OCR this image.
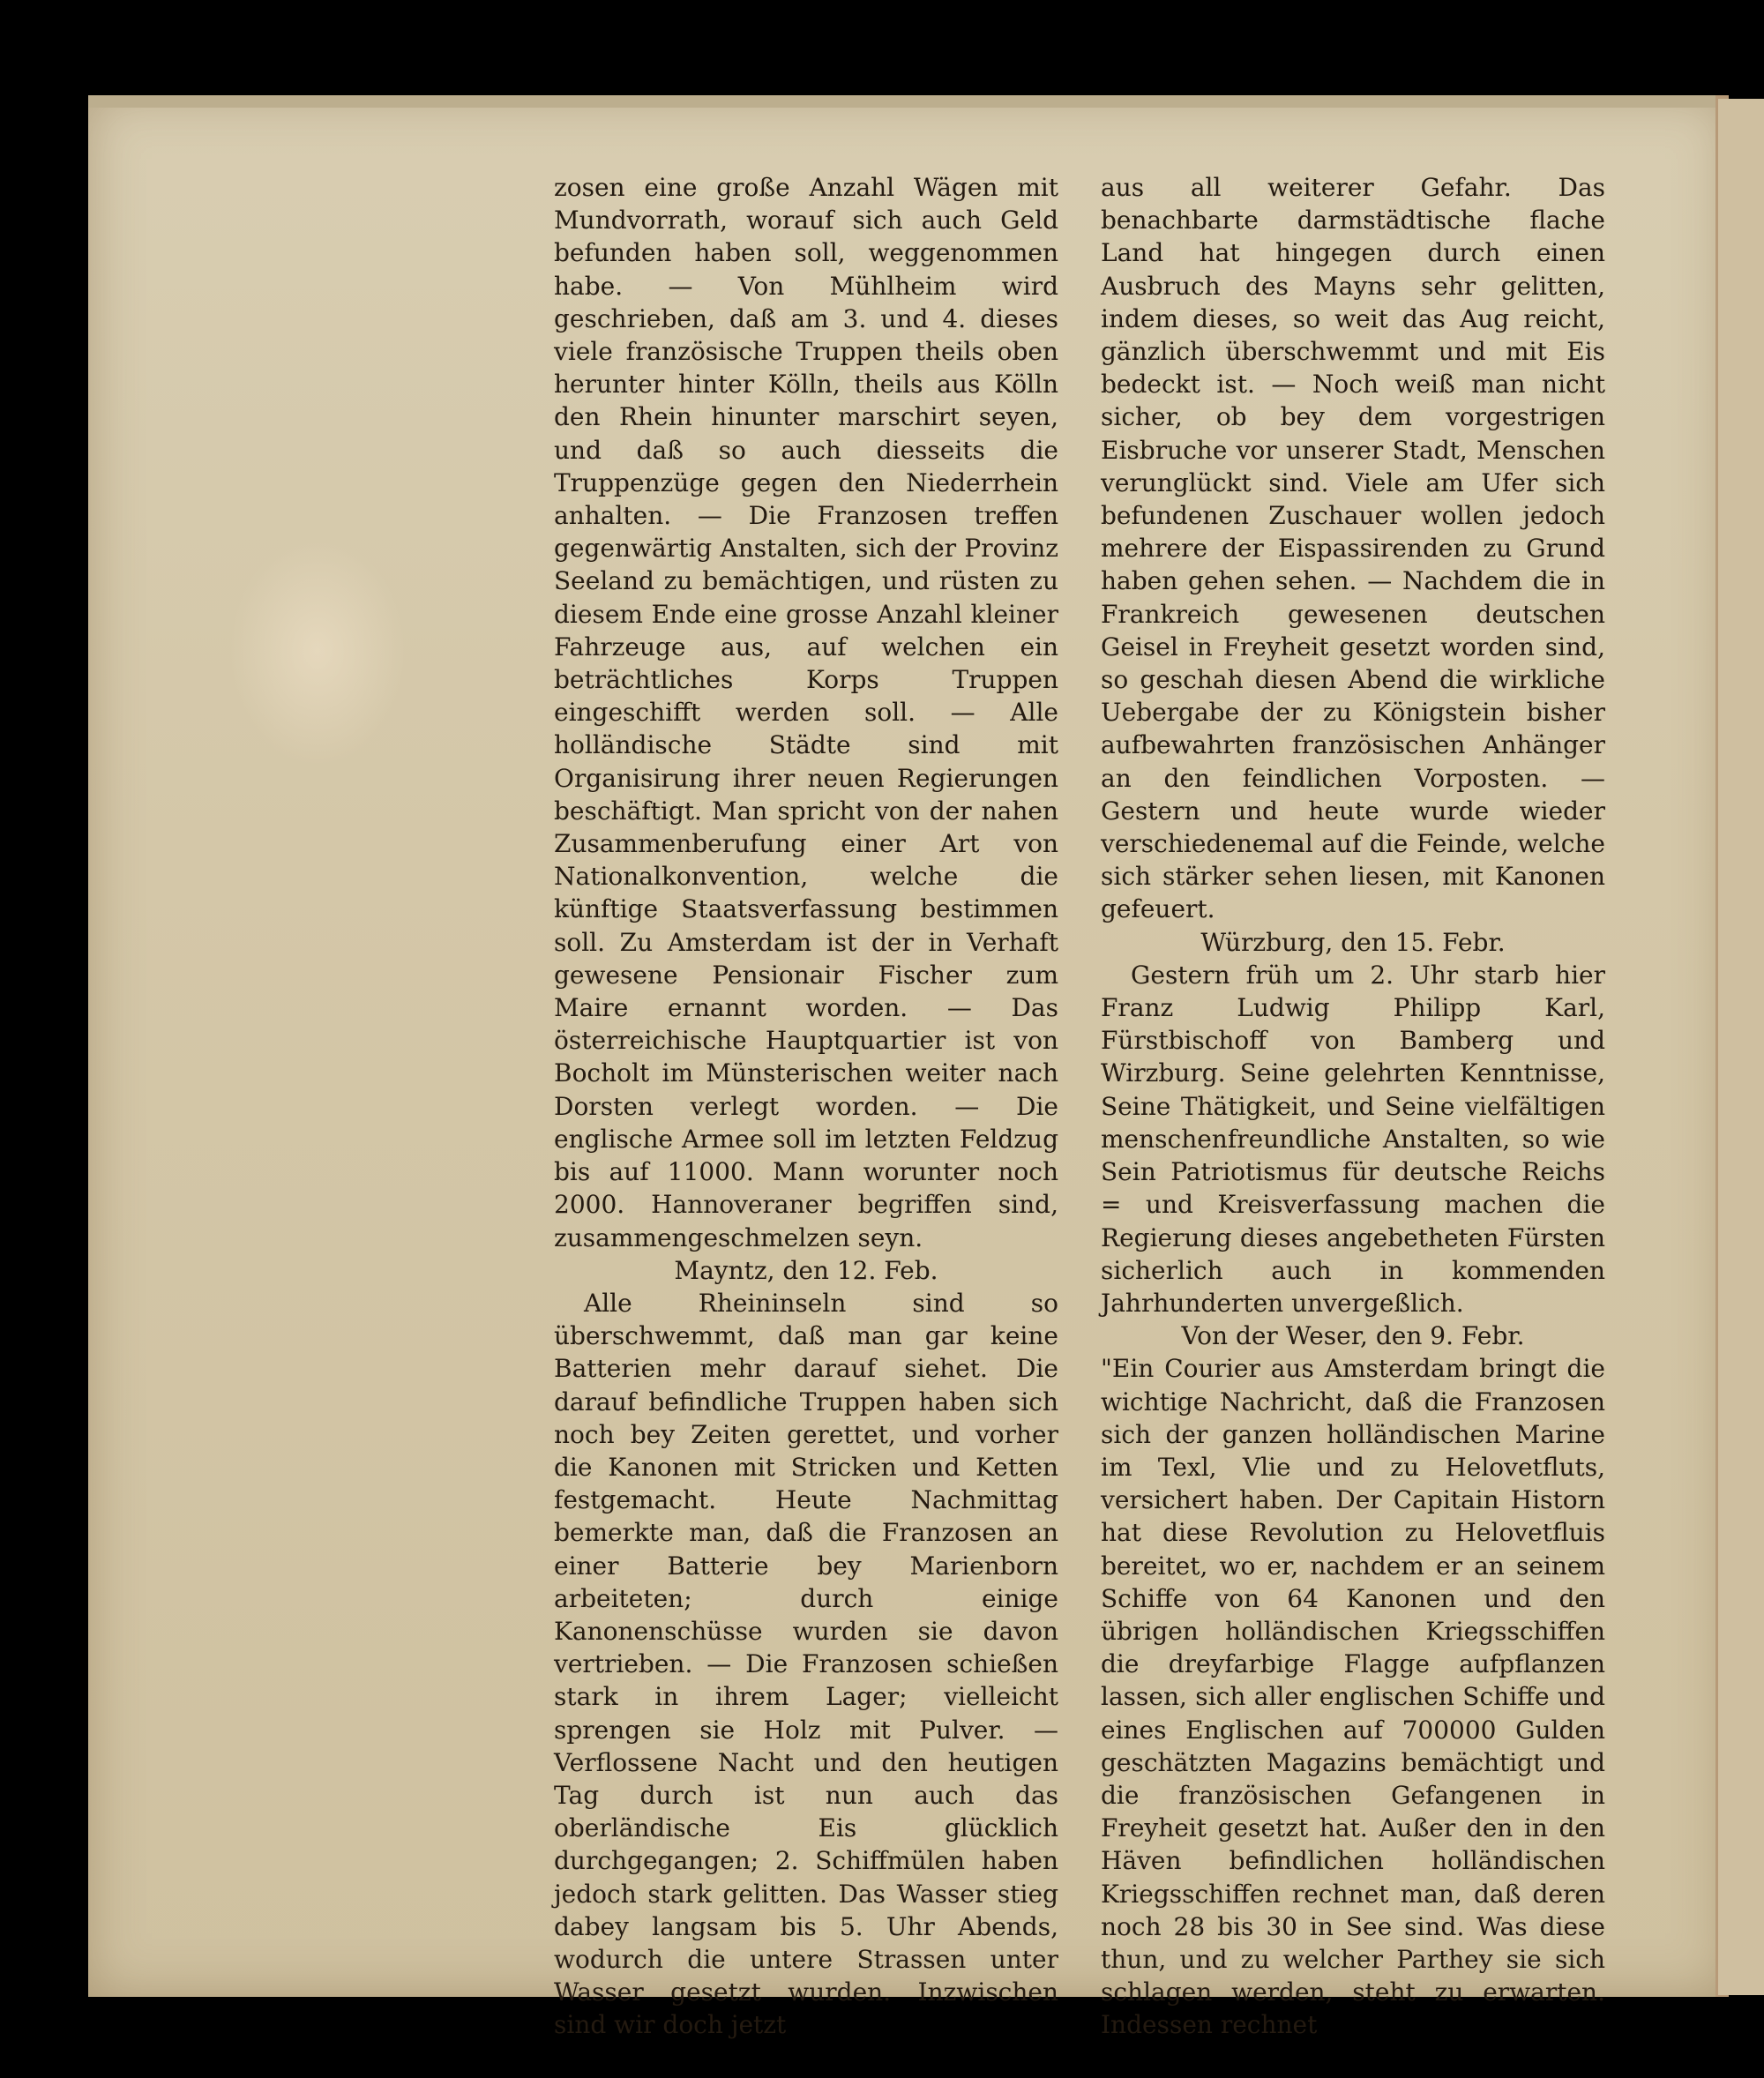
zosen eine große Anzahl Wägen mit Mundvorrath, worauf sich auch Geld befunden haben soll, weggenommen habe. — Von Mühlheim wird geschrieben, daß am 3. und 4. dieses viele französische Truppen theils oben herunter hinter Kölln, theils aus Kölln den Rhein hinunter marschirt seyen, und daß so auch diesseits die Truppenzüge gegen den Niederrhein anhalten. — Die Franzosen treffen gegenwärtig Anstalten, sich der Provinz Seeland zu bemächtigen, und rüsten zu diesem Ende eine grosse Anzahl kleiner Fahrzeuge aus, auf welchen ein beträchtliches Korps Truppen eingeschifft werden soll. — Alle holländische Städte sind mit Organisirung ihrer neuen Regierungen beschäftigt. Man spricht von der nahen Zusammenberufung einer Art von Nationalkonvention, welche die künftige Staatsverfassung bestimmen soll. Zu Amsterdam ist der in Verhaft gewesene Pensionair Fischer zum Maire ernannt worden. — Das österreichische Hauptquartier ist von Bocholt im Münsterischen weiter nach Dorsten verlegt worden. — Die englische Armee soll im letzten Feldzug bis auf 11000. Mann worunter noch 2000. Hannoveraner begriffen sind, zusammengeschmelzen seyn.

Mayntz, den 12. Feb.

Alle Rheininseln sind so überschwemmt, daß man gar keine Batterien mehr darauf siehet. Die darauf befindliche Truppen haben sich noch bey Zeiten gerettet, und vorher die Kanonen mit Stricken und Ketten festgemacht. Heute Nachmittag bemerkte man, daß die Franzosen an einer Batterie bey Marienborn arbeiteten; durch einige Kanonenschüsse wurden sie davon vertrieben. — Die Franzosen schießen stark in ihrem Lager; vielleicht sprengen sie Holz mit Pulver. — Verflossene Nacht und den heutigen Tag durch ist nun auch das oberländische Eis glücklich durchgegangen; 2. Schiffmülen haben jedoch stark gelitten. Das Wasser stieg dabey langsam bis 5. Uhr Abends, wodurch die untere Strassen unter Wasser gesetzt wurden. Inzwischen sind wir doch jetzt

aus all weiterer Gefahr. Das benachbarte darmstädtische flache Land hat hingegen durch einen Ausbruch des Mayns sehr gelitten, indem dieses, so weit das Aug reicht, gänzlich überschwemmt und mit Eis bedeckt ist. — Noch weiß man nicht sicher, ob bey dem vorgestrigen Eisbruche vor unserer Stadt, Menschen verunglückt sind. Viele am Ufer sich befundenen Zuschauer wollen jedoch mehrere der Eispassirenden zu Grund haben gehen sehen. — Nachdem die in Frankreich gewesenen deutschen Geisel in Freyheit gesetzt worden sind, so geschah diesen Abend die wirkliche Uebergabe der zu Königstein bisher aufbewahrten französischen Anhänger an den feindlichen Vorposten. — Gestern und heute wurde wieder verschiedenemal auf die Feinde, welche sich stärker sehen liesen, mit Kanonen gefeuert.

Würzburg, den 15. Febr.

Gestern früh um 2. Uhr starb hier Franz Ludwig Philipp Karl, Fürstbischoff von Bamberg und Wirzburg. Seine gelehrten Kenntnisse, Seine Thätigkeit, und Seine vielfältigen menschenfreundliche Anstalten, so wie Sein Patriotismus für deutsche Reichs = und Kreisverfassung machen die Regierung dieses angebetheten Fürsten sicherlich auch in kommenden Jahrhunderten unvergeßlich.

Von der Weser, den 9. Febr.

"Ein Courier aus Amsterdam bringt die wichtige Nachricht, daß die Franzosen sich der ganzen holländischen Marine im Texl, Vlie und zu Helovetfluts, versichert haben. Der Capitain Historn hat diese Revolution zu Helovetfluis bereitet, wo er, nachdem er an seinem Schiffe von 64 Kanonen und den übrigen holländischen Kriegsschiffen die dreyfarbige Flagge aufpflanzen lassen, sich aller englischen Schiffe und eines Englischen auf 700000 Gulden geschätzten Magazins bemächtigt und die französischen Gefangenen in Freyheit gesetzt hat. Außer den in den Häven befindlichen holländischen Kriegsschiffen rechnet man, daß deren noch 28 bis 30 in See sind. Was diese thun, und zu welcher Parthey sie sich schlagen werden, steht zu erwarten. Indessen rechnet
